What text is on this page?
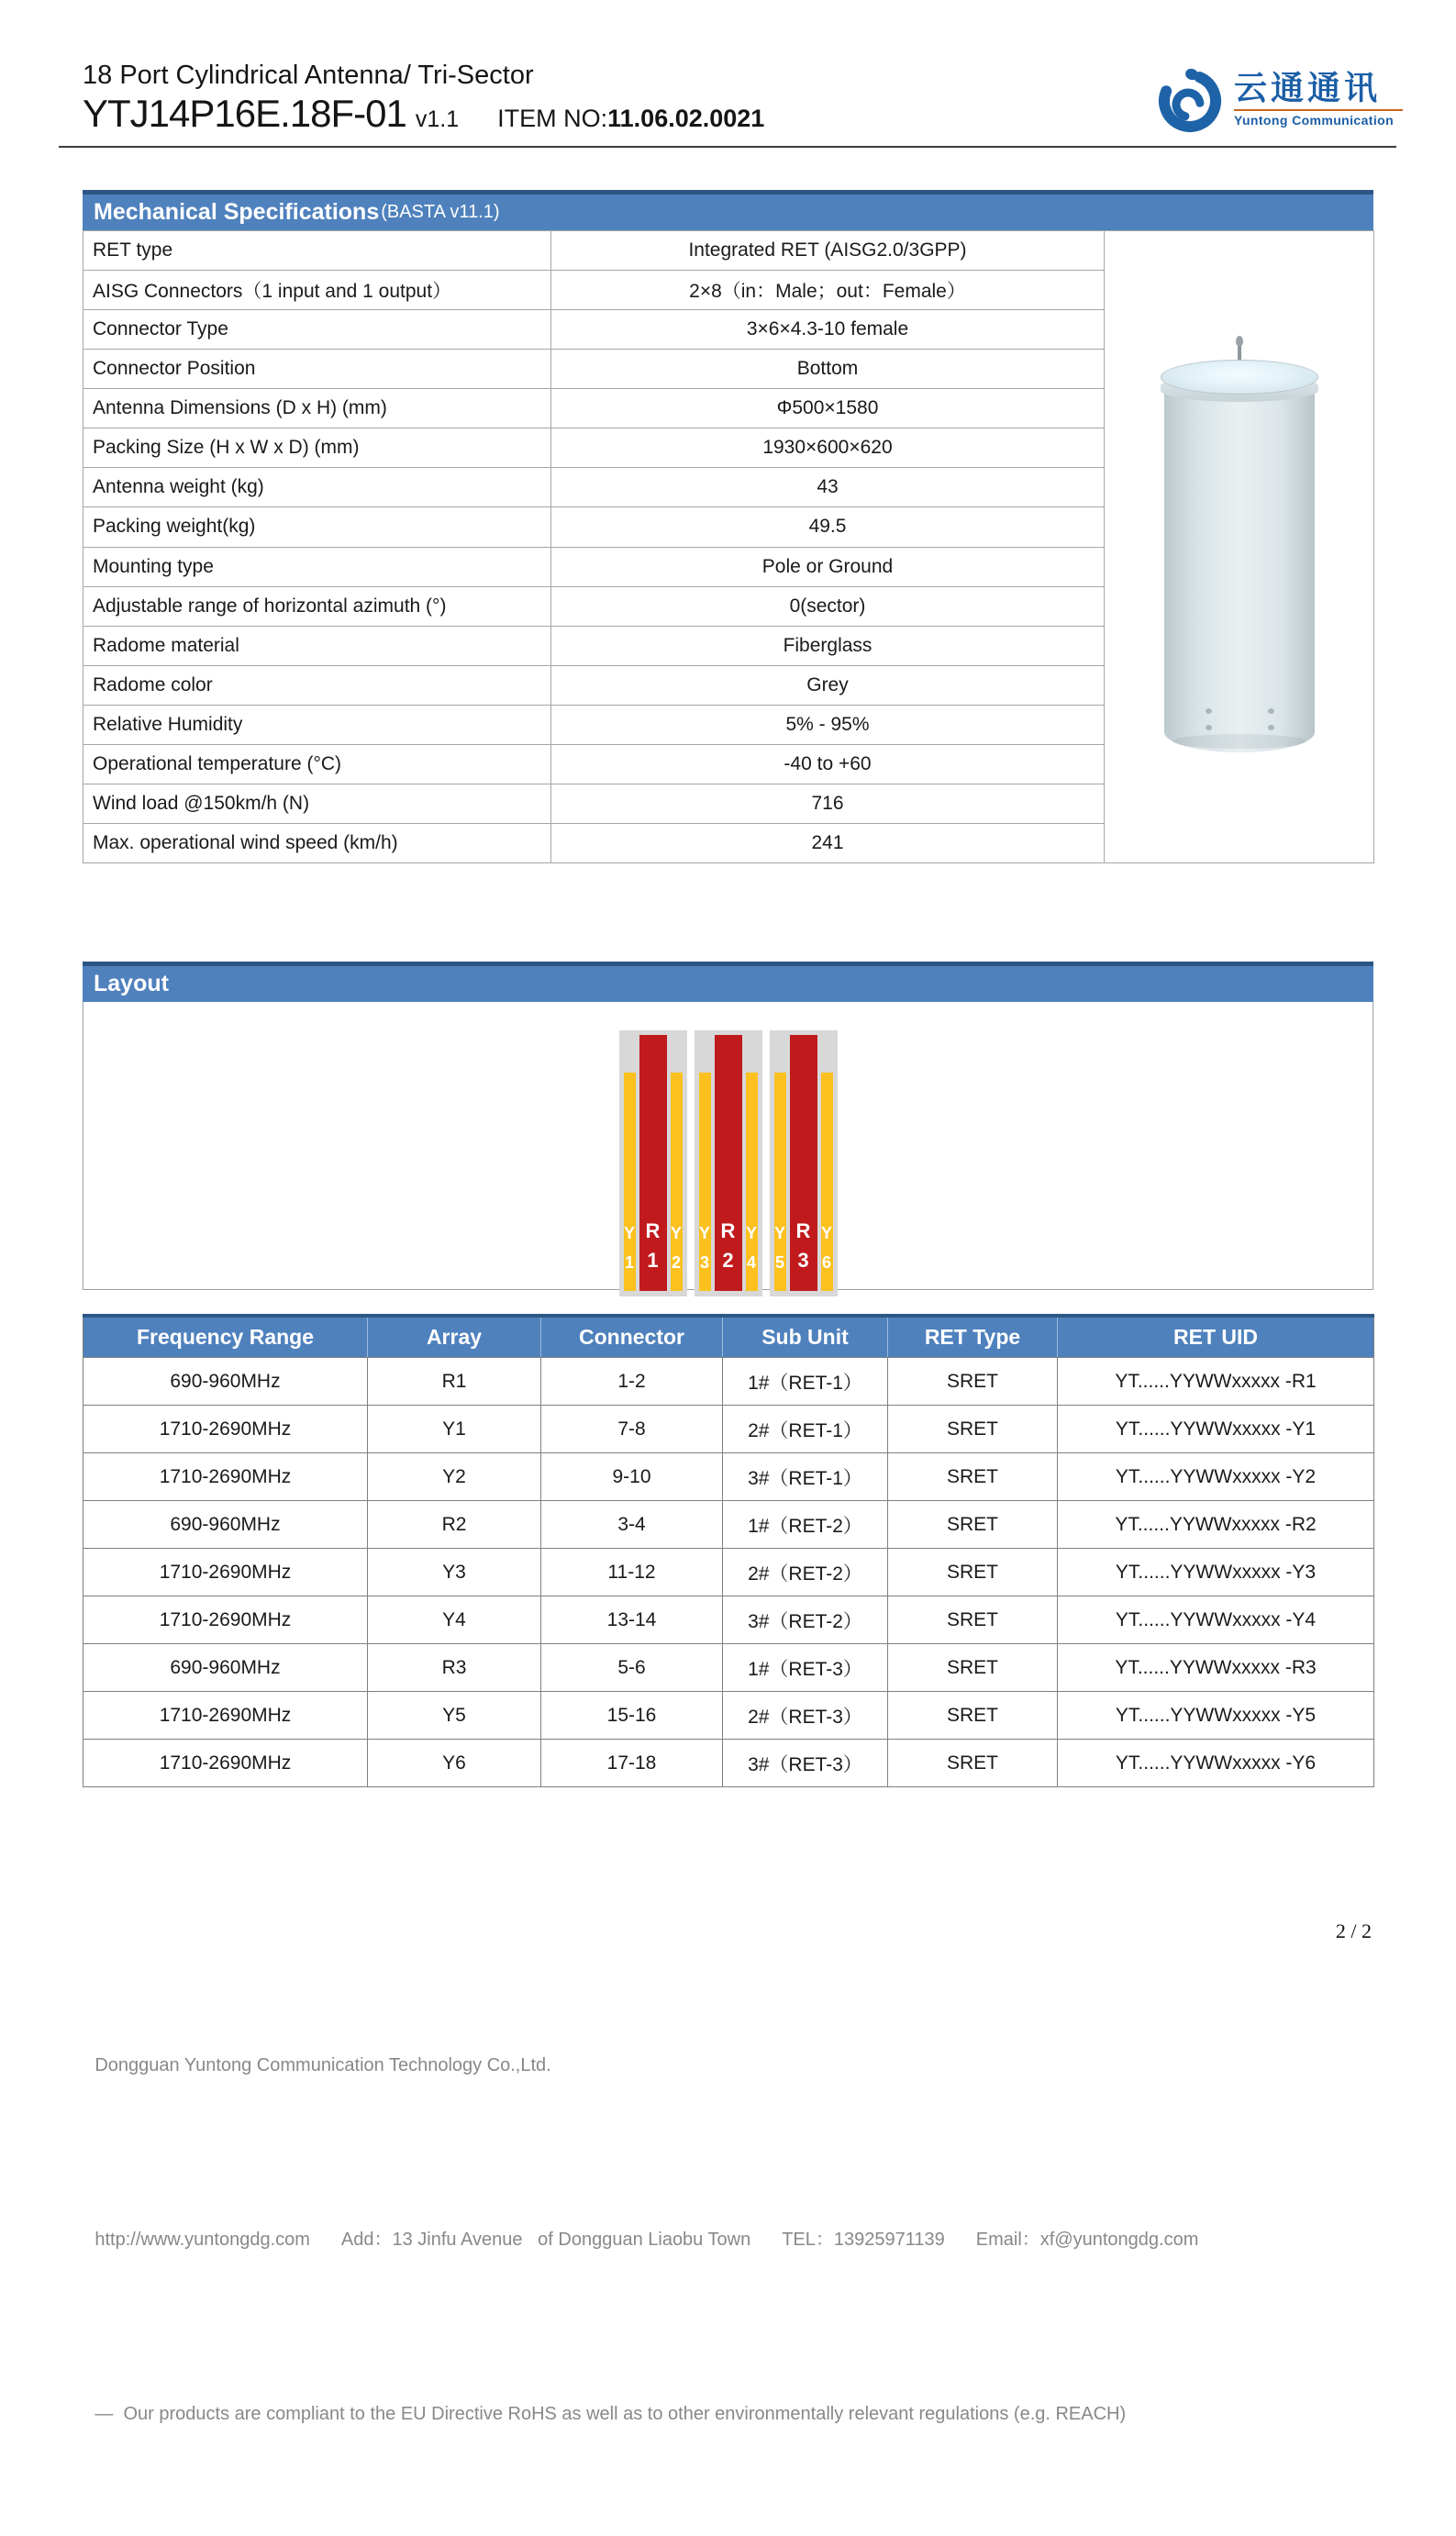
18 Port Cylindrical Antenna/ Tri-Sector
YTJ14P16E.18F-01 v1.1 ITEM NO: 11.06.02.0021
云通通讯
Yuntong Communication
Mechanical Specifications (BASTA v11.1)
RET type	Integrated RET (AISG2.0/3GPP)	

AISG Connectors（1 input and 1 output）	2×8（in：Male；out：Female）	
Connector Type	3×6×4.3-10 female	
Connector Position	Bottom	
Antenna Dimensions (D x H) (mm)	Φ500×1580	
Packing Size (H x W x D) (mm)	1930×600×620	
Antenna weight (kg)	43	
Packing weight(kg)	49.5	
Mounting type	Pole or Ground	
Adjustable range of horizontal azimuth (°)	0(sector)	
Radome material	Fiberglass	
Radome color	Grey	
Relative Humidity	5% - 95%	
Operational temperature (°C)	-40 to +60	
Wind load @150km/h (N)	716	
Max. operational wind speed (km/h)	241	
Layout
Y
1
R
1
Y
2
Y
3
R
2
Y
4
Y
5
R
3
Y
6
Frequency Range	Array	Connector	Sub Unit	RET Type	RET UID
690-960MHz	R1	1-2	1#（RET-1）	SRET	YT......YYWWxxxxx -R1
1710-2690MHz	Y1	7-8	2#（RET-1）	SRET	YT......YYWWxxxxx -Y1
1710-2690MHz	Y2	9-10	3#（RET-1）	SRET	YT......YYWWxxxxx -Y2
690-960MHz	R2	3-4	1#（RET-2）	SRET	YT......YYWWxxxxx -R2
1710-2690MHz	Y3	11-12	2#（RET-2）	SRET	YT......YYWWxxxxx -Y3
1710-2690MHz	Y4	13-14	3#（RET-2）	SRET	YT......YYWWxxxxx -Y4
690-960MHz	R3	5-6	1#（RET-3）	SRET	YT......YYWWxxxxx -R3
1710-2690MHz	Y5	15-16	2#（RET-3）	SRET	YT......YYWWxxxxx -Y5
1710-2690MHz	Y6	17-18	3#（RET-3）	SRET	YT......YYWWxxxxx -Y6
2 / 2

Dongguan Yuntong Communication Technology Co.,Ltd.

http://www.yuntongdg.com Add：13 Jinfu Avenue   of Dongguan Liaobu Town TEL：13925971139 Email：xf@yuntongdg.com

—  Our products are compliant to the EU Directive RoHS as well as to other environmentally relevant regulations (e.g. REACH)
